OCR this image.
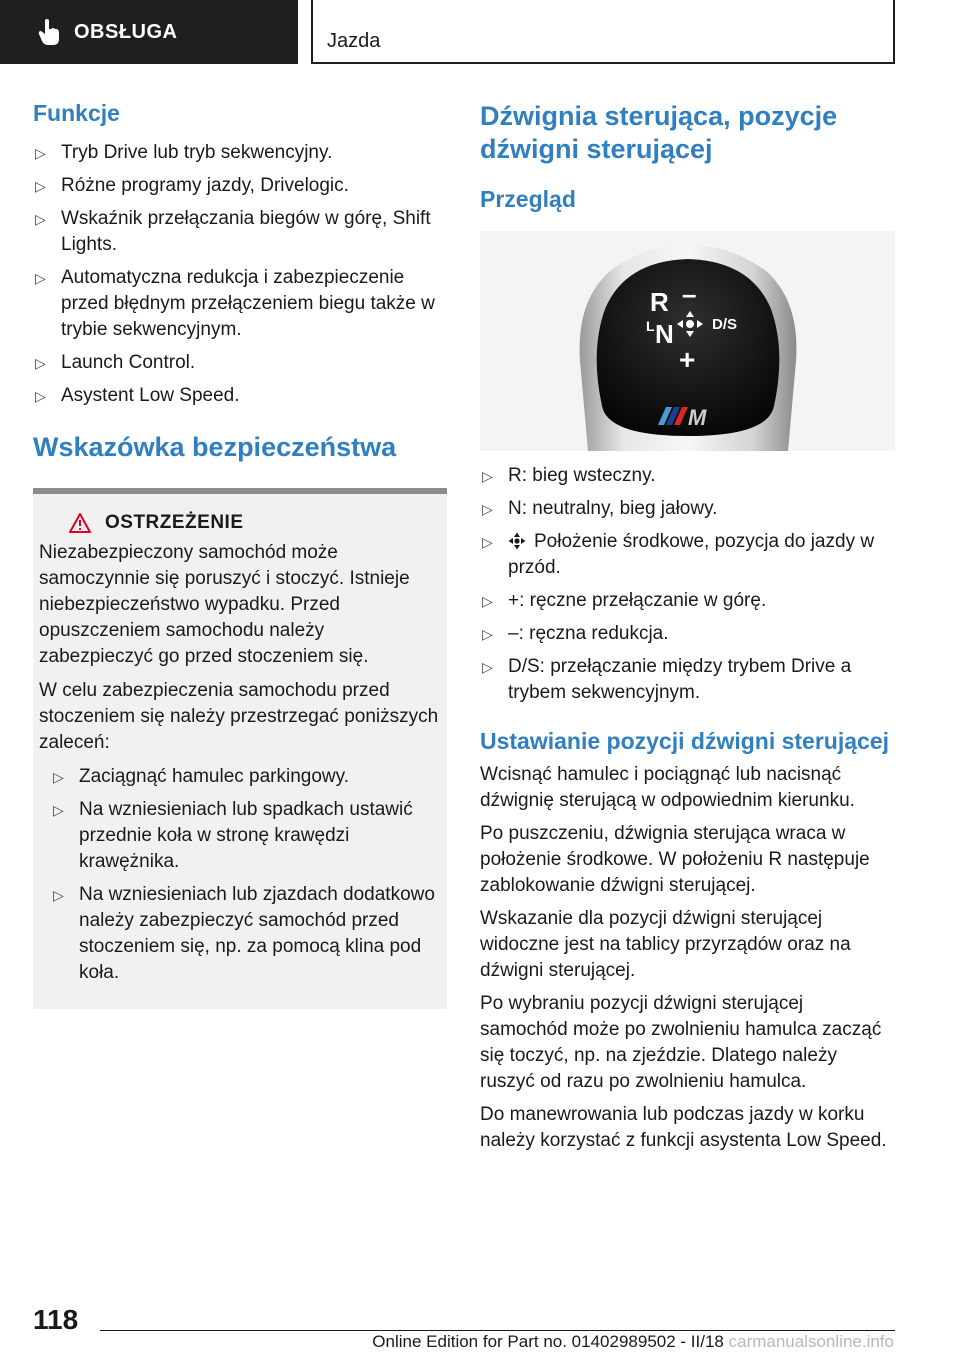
OBSŁUGA	Jazda
Funkcje
▷ Tryb Drive lub tryb sekwencyjny.
▷ Różne programy jazdy, Drivelogic.
▷ Wskaźnik przełączania biegów w górę, Shift Lights.
▷ Automatyczna redukcja i zabezpieczenie przed błędnym przełączeniem biegu także w trybie sekwencyjnym.
▷ Launch Control.
▷ Asystent Low Speed.
Wskazówka bezpieczeństwa
OSTRZEŻENIE

Niezabezpieczony samochód może samoczynnie się poruszyć i stoczyć. Istnieje niebezpieczeństwo wypadku. Przed opuszczeniem samochodu należy zabezpieczyć go przed stoczeniem się.

W celu zabezpieczenia samochodu przed stoczeniem się należy przestrzegać poniższych zaleceń:

▷ Zaciągnąć hamulec parkingowy.
▷ Na wzniesieniach lub spadkach ustawić przednie koła w stronę krawędzi krawężnika.
▷ Na wzniesieniach lub zjazdach dodatkowo należy zabezpieczyć samochód przed stoczeniem się, np. za pomocą klina pod koła.
Dźwignia sterująca, pozycje dźwigni sterującej
Przegląd
R –
L N	D/S
+
M
▷ R: bieg wsteczny.
▷ N: neutralny, bieg jałowy.
▷ Położenie środkowe, pozycja do jazdy w przód.
▷ +: ręczne przełączanie w górę.
▷ –: ręczna redukcja.
▷ D/S: przełączanie między trybem Drive a trybem sekwencyjnym.
Ustawianie pozycji dźwigni sterującej

Wcisnąć hamulec i pociągnąć lub nacisnąć dźwignię sterującą w odpowiednim kierunku.

Po puszczeniu, dźwignia sterująca wraca w położenie środkowe. W położeniu R następuje zablokowanie dźwigni sterującej.

Wskazanie dla pozycji dźwigni sterującej widoczne jest na tablicy przyrządów oraz na dźwigni sterującej.

Po wybraniu pozycji dźwigni sterującej samochód może po zwolnieniu hamulca zacząć się toczyć, np. na zjeździe. Dlatego należy ruszyć od razu po zwolnieniu hamulca.

Do manewrowania lub podczas jazdy w korku należy korzystać z funkcji asystenta Low Speed.

118
Online Edition for Part no. 01402989502 - II/18 carmanualsonline.info
